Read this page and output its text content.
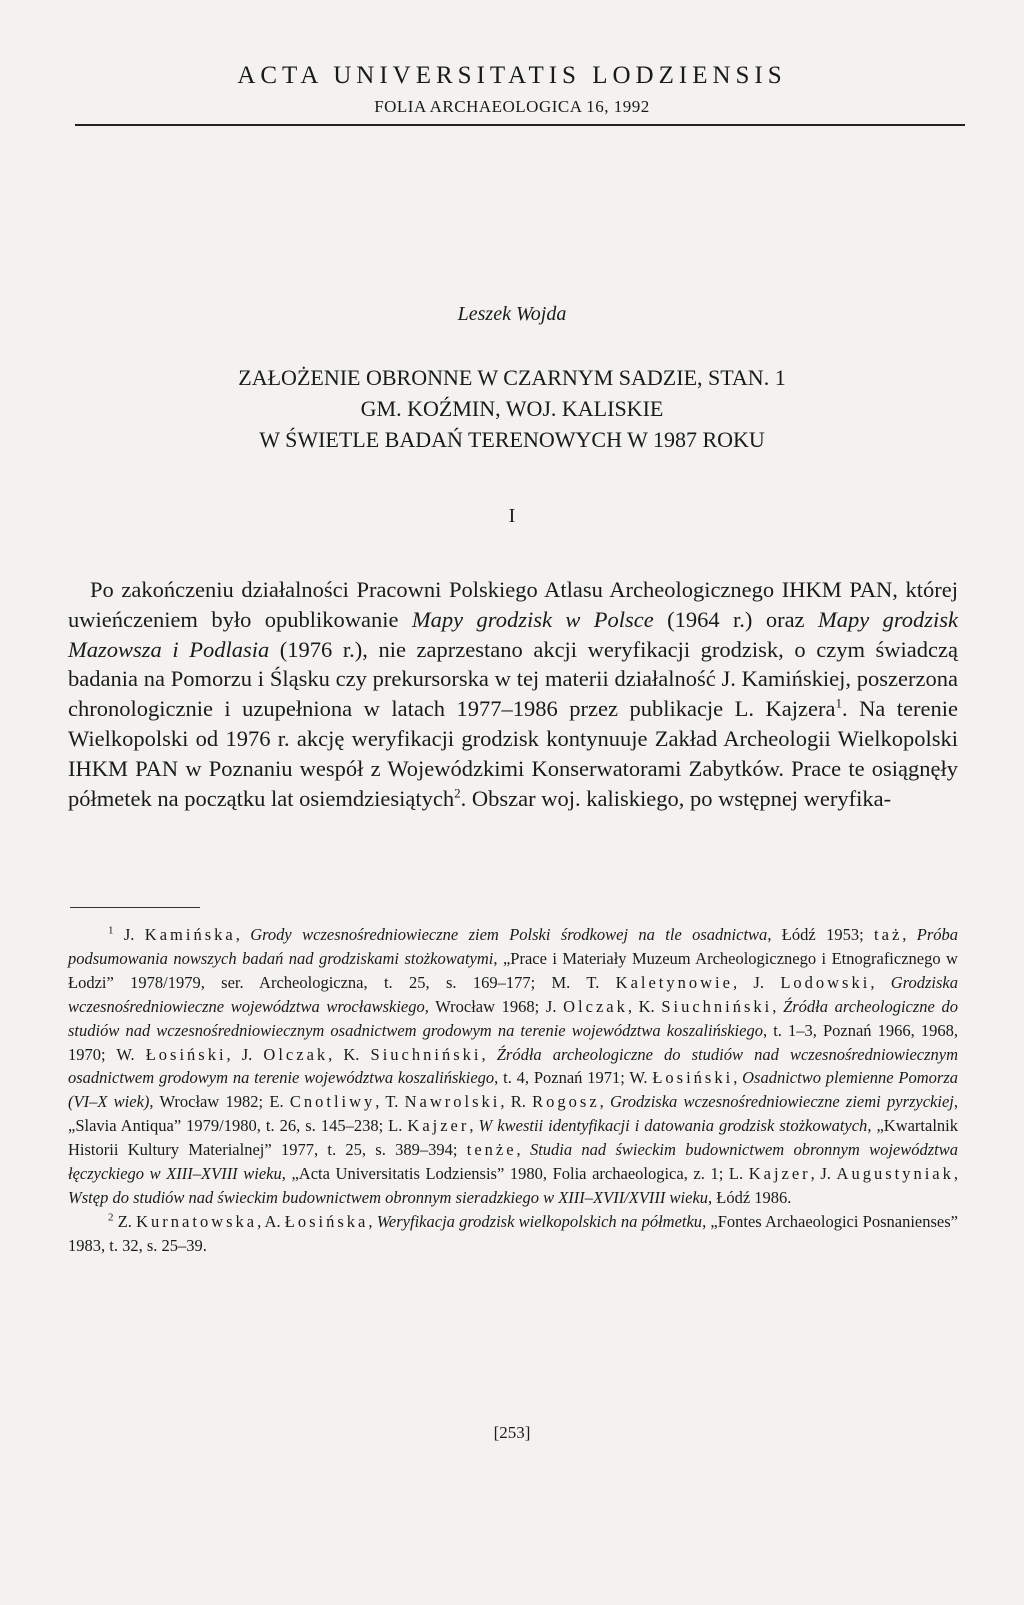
ACTA UNIVERSITATIS LODZIENSIS
FOLIA ARCHAEOLOGICA 16, 1992
Leszek Wojda
ZAŁOŻENIE OBRONNE W CZARNYM SADZIE, STAN. 1
GM. KOŹMIN, WOJ. KALISKIE
W ŚWIETLE BADAŃ TERENOWYCH W 1987 ROKU
I

Po zakończeniu działalności Pracowni Polskiego Atlasu Archeologicznego IHKM PAN, której uwieńczeniem było opublikowanie Mapy grodzisk w Polsce (1964 r.) oraz Mapy grodzisk Mazowsza i Podlasia (1976 r.), nie zaprzestano akcji weryfikacji grodzisk, o czym świadczą badania na Pomorzu i Śląsku czy prekursorska w tej materii działalność J. Kamińskiej, poszerzona chronologicznie i uzupełniona w latach 1977–1986 przez publikacje L. Kajzera$^1$. Na terenie Wielkopolski od 1976 r. akcję weryfikacji grodzisk kontynuuje Zakład Archeologii Wielkopolski IHKM PAN w Poznaniu wespół z Wojewódzkimi Konserwatorami Zabytków. Prace te osiągnęły półmetek na początku lat osiemdziesiątych$^2$. Obszar woj. kaliskiego, po wstępnej weryfika-

$^1$ J. Kamińska, Grody wczesnośredniowieczne ziem Polski środkowej na tle osadnictwa, Łódź 1953; taż, Próba podsumowania nowszych badań nad grodziskami stożkowatymi, „Prace i Materiały Muzeum Archeologicznego i Etnograficznego w Łodzi” 1978/1979, ser. Archeologiczna, t. 25, s. 169–177; M. T. Kaletynowie, J. Lodowski, Grodziska wczesnośredniowieczne województwa wrocławskiego, Wrocław 1968; J. Olczak, K. Siuchniński, Źródła archeologiczne do studiów nad wczesnośredniowiecznym osadnictwem grodowym na terenie województwa koszalińskiego, t. 1–3, Poznań 1966, 1968, 1970; W. Łosiński, J. Olczak, K. Siuchniński, Źródła archeologiczne do studiów nad wczesnośredniowiecznym osadnictwem grodowym na terenie województwa koszalińskiego, t. 4, Poznań 1971; W. Łosiński, Osadnictwo plemienne Pomorza (VI–X wiek), Wrocław 1982; E. Cnotliwy, T. Nawrolski, R. Rogosz, Grodziska wczesnośredniowieczne ziemi pyrzyckiej, „Slavia Antiqua” 1979/1980, t. 26, s. 145–238; L. Kajzer, W kwestii identyfikacji i datowania grodzisk stożkowatych, „Kwartalnik Historii Kultury Materialnej” 1977, t. 25, s. 389–394; tenże, Studia nad świeckim budownictwem obronnym województwa łęczyckiego w XIII–XVIII wieku, „Acta Universitatis Lodziensis” 1980, Folia archaeologica, z. 1; L. Kajzer, J. Augustyniak, Wstęp do studiów nad świeckim budownictwem obronnym sieradzkiego w XIII–XVII/XVIII wieku, Łódź 1986.

$^2$ Z. Kurnatowska, A. Łosińska, Weryfikacja grodzisk wielkopolskich na półmetku, „Fontes Archaeologici Posnanienses” 1983, t. 32, s. 25–39.

[253]
